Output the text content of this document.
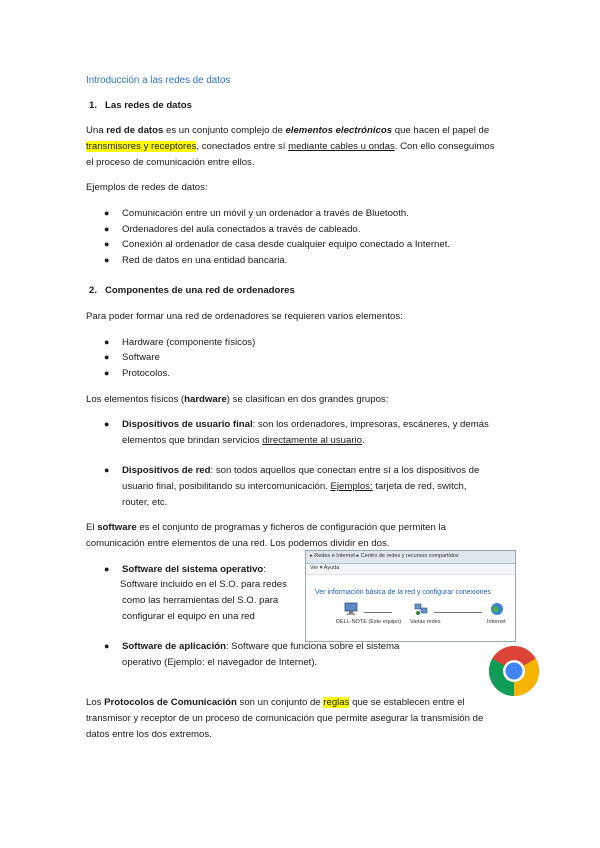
Introducción a las redes de datos
1. Las redes de datos
Una red de datos es un conjunto complejo de elementos electrónicos que hacen el papel de
transmisores y receptores, conectados entre sí mediante cables u ondas. Con ello conseguimos
el proceso de comunicación entre ellos.
Ejemplos de redes de datos:
● Comunicación entre un móvil y un ordenador a través de Bluetooth.
● Ordenadores del aula conectados a través de cableado.
● Conexión al ordenador de casa desde cualquier equipo conectado a Internet.
● Red de datos en una entidad bancaria.
2. Componentes de una red de ordenadores
Para poder formar una red de ordenadores se requieren varios elementos:
● Hardware (componente físicos)
● Software
● Protocolos.
Los elementos físicos (hardware) se clasifican en dos grandes grupos:
● Dispositivos de usuario final: son los ordenadores, impresoras, escáneres, y demás
elementos que brindan servicios directamente al usuario.
● Dispositivos de red: son todos aquellos que conectan entre sí a los dispositivos de
usuario final, posibilitando su intercomunicación. Ejemplos: tarjeta de red, switch,
router, etc.
El software es el conjunto de programas y ficheros de configuración que permiten la
comunicación entre elementos de una red. Los podemos dividir en dos.
● Software del sistema operativo:
Software incluido en el S.O. para redes
como las herramientas del S.O. para
configurar el equipo en una red
▸ Redes e Internet ▸ Centro de redes y recursos compartidos
Ver ▾ Ayuda
Ver información básica de la red y configurar conexiones
DELL-NOTE (Este equipo) Varias redes	Internet
● Software de aplicación: Software que funciona sobre el sistema
operativo (Ejemplo: el navegador de Internet).
Los Protocolos de Comunicación son un conjunto de reglas que se establecen entre el
transmisor y receptor de un proceso de comunicación que permite asegurar la transmisión de
datos entre los dos extremos.
